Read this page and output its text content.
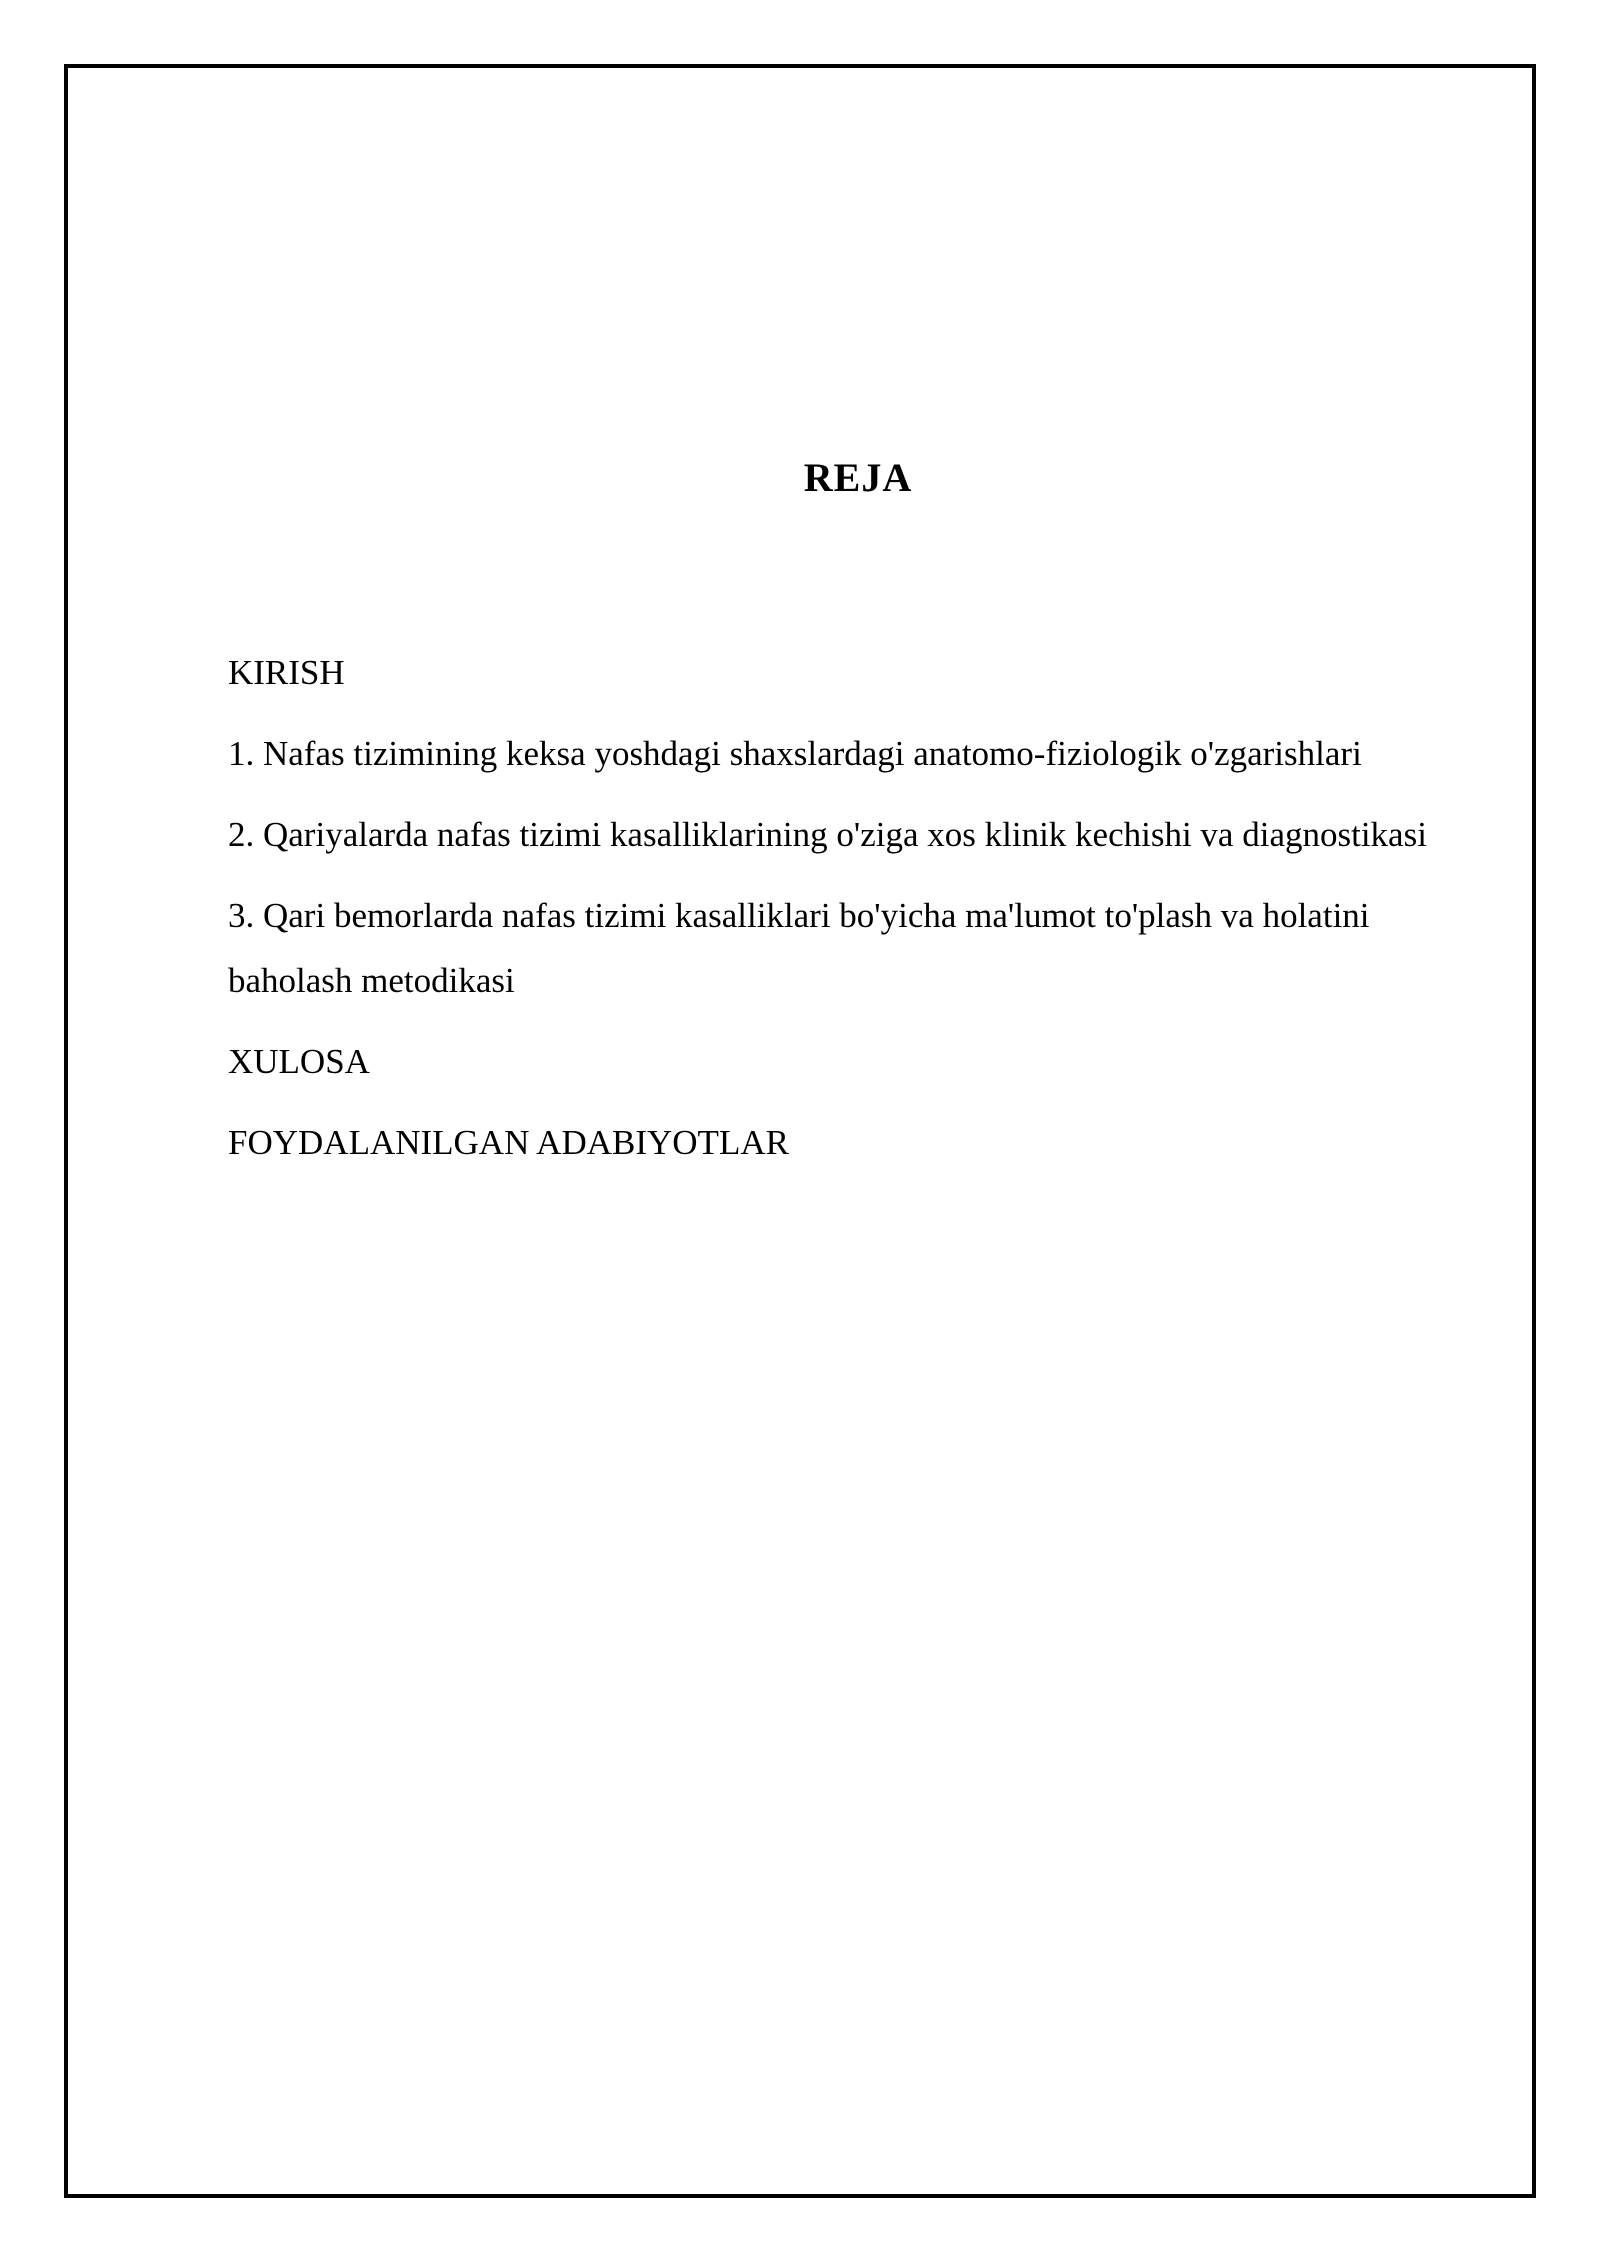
REJA
KIRISH
1. Nafas tizimining keksa yoshdagi shaxslardagi anatomo-fiziologik o'zgarishlari
2. Qariyalarda nafas tizimi kasalliklarining o'ziga xos klinik kechishi va diagnostikasi
3. Qari bemorlarda nafas tizimi kasalliklari bo'yicha ma'lumot to'plash va holatini baholash metodikasi
XULOSA
FOYDALANILGAN ADABIYOTLAR
